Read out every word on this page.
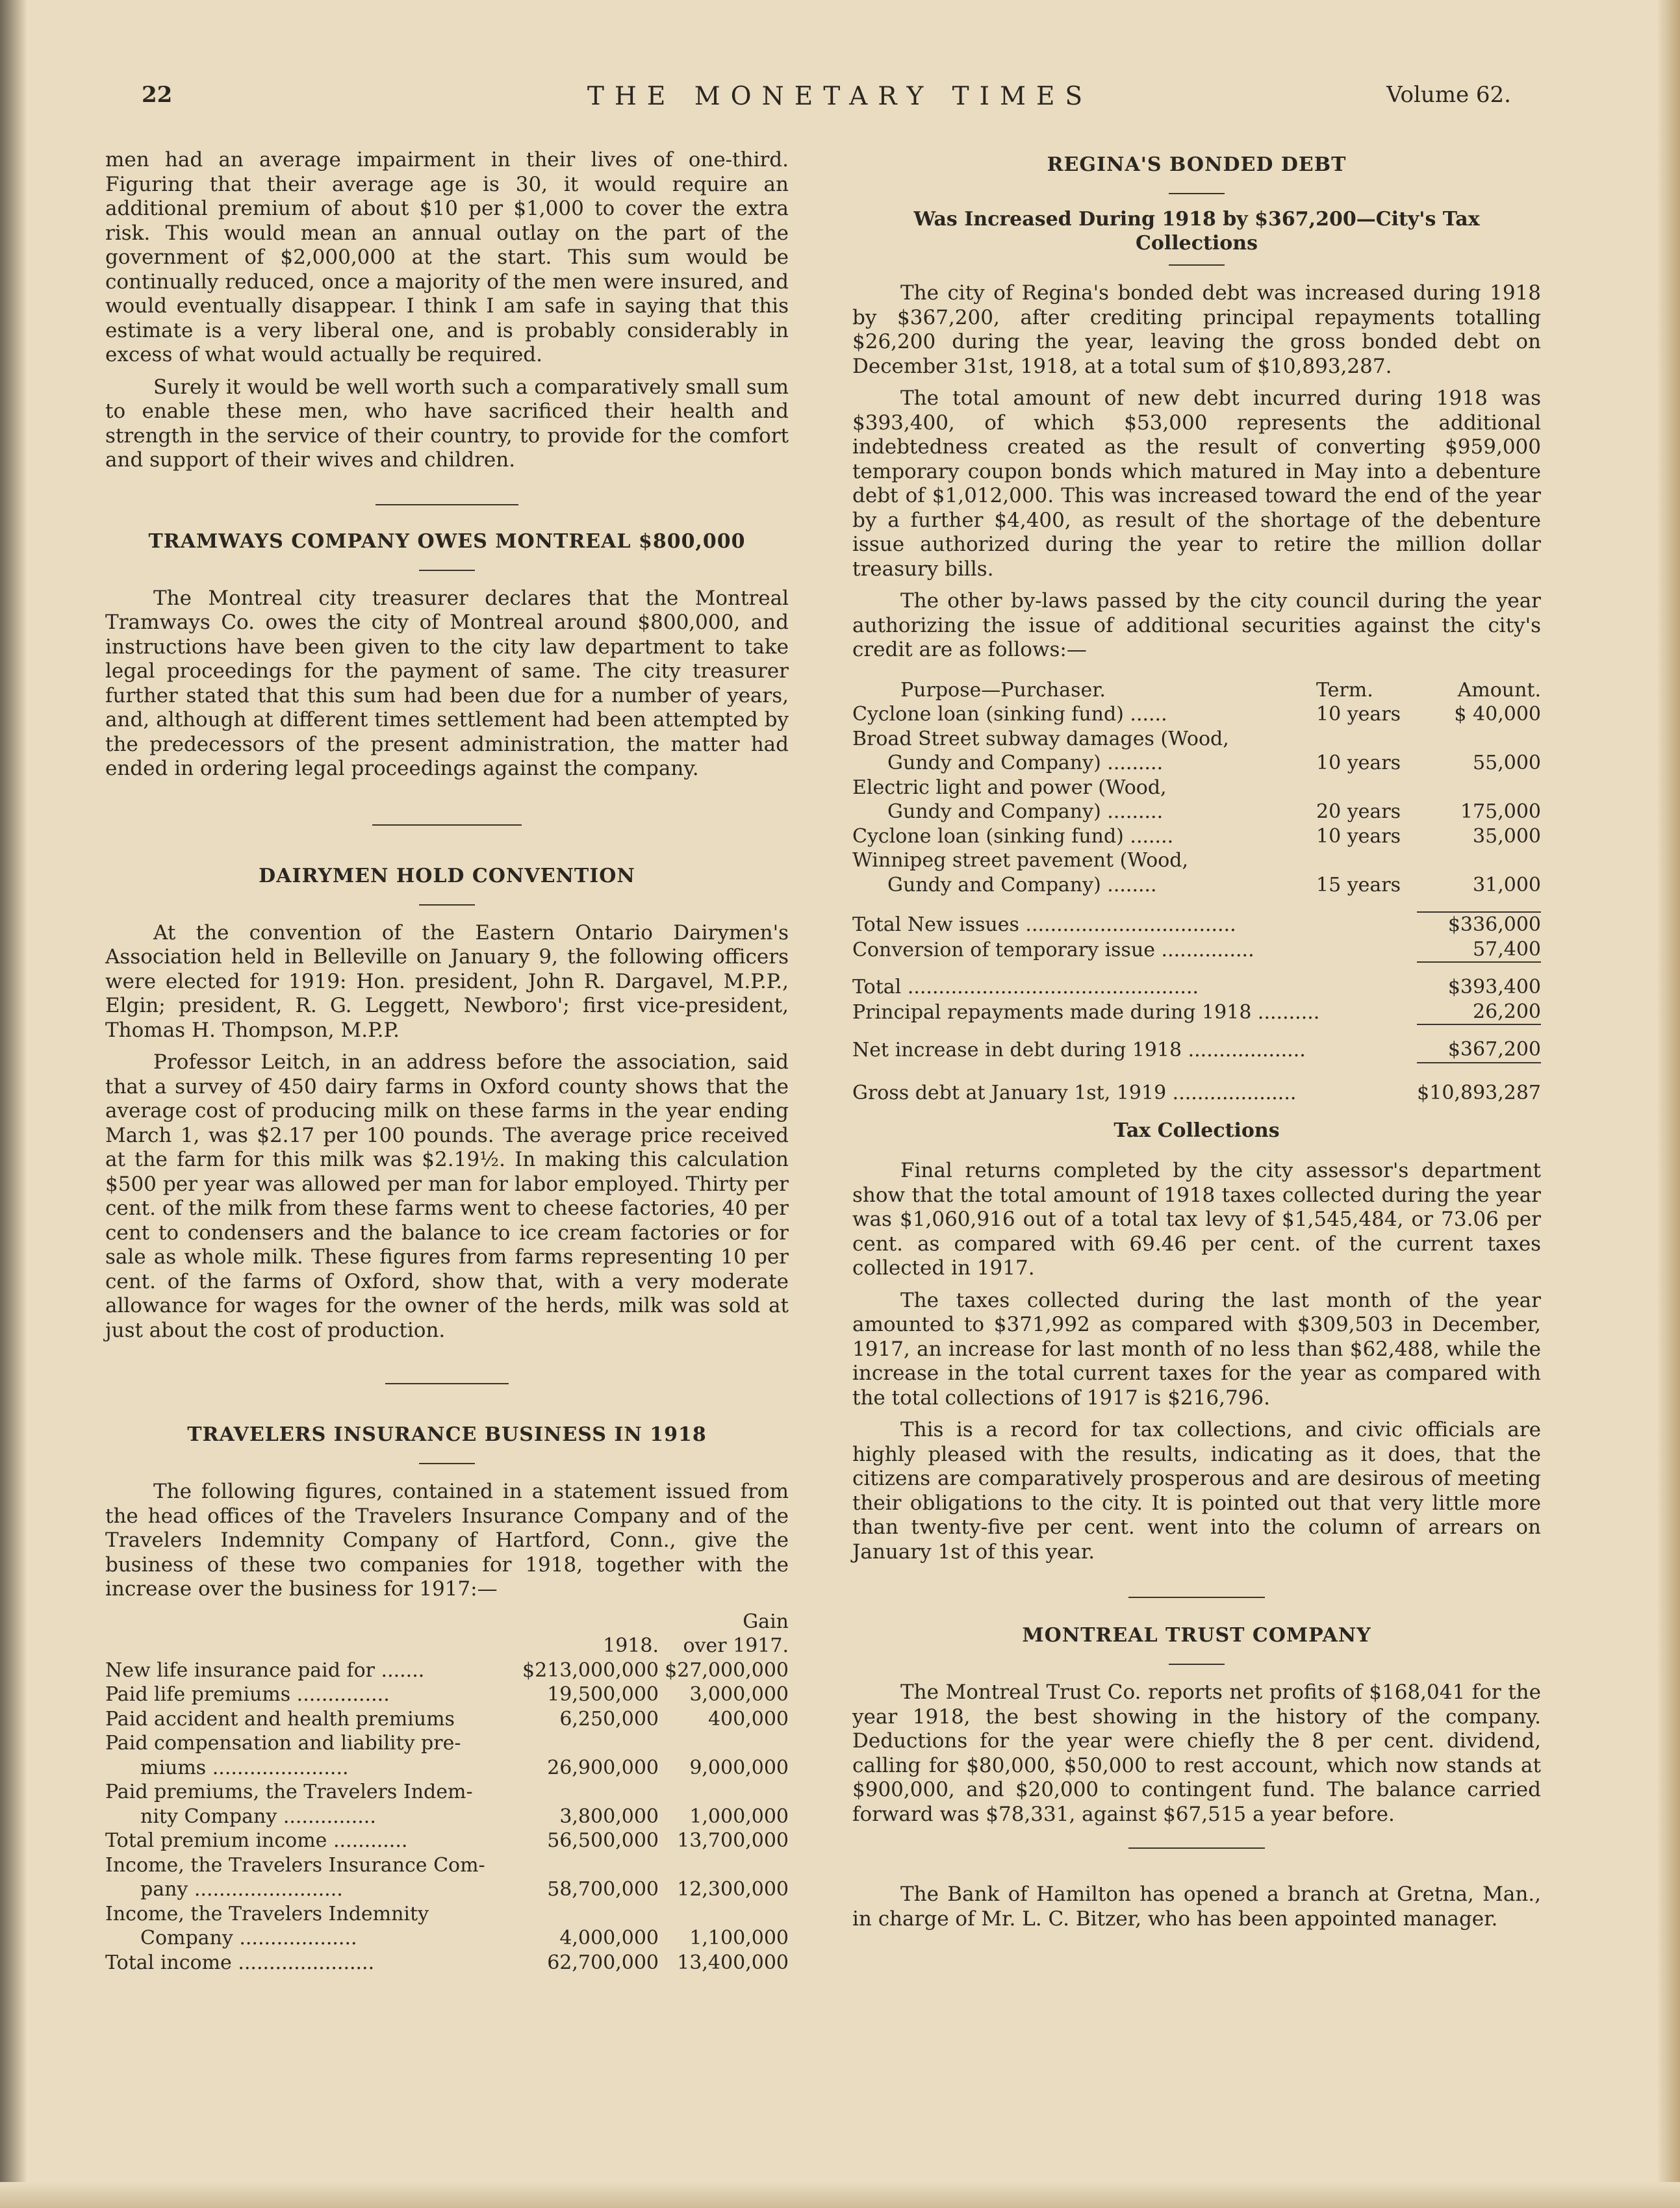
THE MONETARY TIMES
22	Volume 62.

men had an average impairment in their lives of one-third. Figuring that their average age is 30, it would require an additional premium of about $10 per $1,000 to cover the extra risk. This would mean an annual outlay on the part of the government of $2,000,000 at the start. This sum would be continually reduced, once a majority of the men were insured, and would eventually disappear. I think I am safe in saying that this estimate is a very liberal one, and is probably considerably in excess of what would actually be required.

Surely it would be well worth such a comparatively small sum to enable these men, who have sacrificed their health and strength in the service of their country, to provide for the comfort and support of their wives and children.

TRAMWAYS COMPANY OWES MONTREAL $800,000

The Montreal city treasurer declares that the Montreal Tramways Co. owes the city of Montreal around $800,000, and instructions have been given to the city law department to take legal proceedings for the payment of same. The city treasurer further stated that this sum had been due for a number of years, and, although at different times settlement had been attempted by the predecessors of the present administration, the matter had ended in ordering legal proceedings against the company.

DAIRYMEN HOLD CONVENTION

At the convention of the Eastern Ontario Dairymen's Association held in Belleville on January 9, the following officers were elected for 1919: Hon. president, John R. Dargavel, M.P.P., Elgin; president, R. G. Leggett, Newboro'; first vice-president, Thomas H. Thompson, M.P.P.

Professor Leitch, in an address before the association, said that a survey of 450 dairy farms in Oxford county shows that the average cost of producing milk on these farms in the year ending March 1, was $2.17 per 100 pounds. The average price received at the farm for this milk was $2.19½. In making this calculation $500 per year was allowed per man for labor employed. Thirty per cent. of the milk from these farms went to cheese factories, 40 per cent to condensers and the balance to ice cream factories or for sale as whole milk. These figures from farms representing 10 per cent. of the farms of Oxford, show that, with a very moderate allowance for wages for the owner of the herds, milk was sold at just about the cost of production.

TRAVELERS INSURANCE BUSINESS IN 1918

The following figures, contained in a statement issued from the head offices of the Travelers Insurance Company and of the Travelers Indemnity Company of Hartford, Conn., give the business of these two companies for 1918, together with the increase over the business for 1917:—

		Gain
	1918.	over 1917.
New life insurance paid for .......	$213,000,000	$27,000,000
Paid life premiums ...............	19,500,000	3,000,000
Paid accident and health premiums	6,250,000	400,000
Paid compensation and liability pre-		
miums ......................	26,900,000	9,000,000
Paid premiums, the Travelers Indem-		
nity Company ...............	3,800,000	1,000,000
Total premium income ............	56,500,000	13,700,000
Income, the Travelers Insurance Com-		
pany ........................	58,700,000	12,300,000
Income, the Travelers Indemnity		
Company ...................	4,000,000	1,100,000
Total income ......................	62,700,000	13,400,000
REGINA'S BONDED DEBT

Was Increased During 1918 by $367,200—City's Tax Collections

The city of Regina's bonded debt was increased during 1918 by $367,200, after crediting principal repayments totalling $26,200 during the year, leaving the gross bonded debt on December 31st, 1918, at a total sum of $10,893,287.

The total amount of new debt incurred during 1918 was $393,400, of which $53,000 represents the additional indebtedness created as the result of converting $959,000 temporary coupon bonds which matured in May into a debenture debt of $1,012,000. This was increased toward the end of the year by a further $4,400, as result of the shortage of the debenture issue authorized during the year to retire the million dollar treasury bills.

The other by-laws passed by the city council during the year authorizing the issue of additional securities against the city's credit are as follows:—

Purpose—Purchaser.	Term.	Amount.
Cyclone loan (sinking fund) ......	10 years	$ 40,000
Broad Street subway damages (Wood,		
Gundy and Company) .........	10 years	55,000
Electric light and power (Wood,		
Gundy and Company) .........	20 years	175,000
Cyclone loan (sinking fund) .......	10 years	35,000
Winnipeg street pavement (Wood,		
Gundy and Company) ........	15 years	31,000

Total New issues ..................................	$336,000
Conversion of temporary issue ...............	57,400

Total ...............................................	$393,400
Principal repayments made during 1918 ..........	26,200

Net increase in debt during 1918 ...................	$367,200

Gross debt at January 1st, 1919 ....................	$10,893,287
Tax Collections

Final returns completed by the city assessor's department show that the total amount of 1918 taxes collected during the year was $1,060,916 out of a total tax levy of $1,545,484, or 73.06 per cent. as compared with 69.46 per cent. of the current taxes collected in 1917.

The taxes collected during the last month of the year amounted to $371,992 as compared with $309,503 in December, 1917, an increase for last month of no less than $62,488, while the increase in the total current taxes for the year as compared with the total collections of 1917 is $216,796.

This is a record for tax collections, and civic officials are highly pleased with the results, indicating as it does, that the citizens are comparatively prosperous and are desirous of meeting their obligations to the city. It is pointed out that very little more than twenty-five per cent. went into the column of arrears on January 1st of this year.

MONTREAL TRUST COMPANY

The Montreal Trust Co. reports net profits of $168,041 for the year 1918, the best showing in the history of the company. Deductions for the year were chiefly the 8 per cent. dividend, calling for $80,000, $50,000 to rest account, which now stands at $900,000, and $20,000 to contingent fund. The balance carried forward was $78,331, against $67,515 a year before.

The Bank of Hamilton has opened a branch at Gretna, Man., in charge of Mr. L. C. Bitzer, who has been appointed manager.
